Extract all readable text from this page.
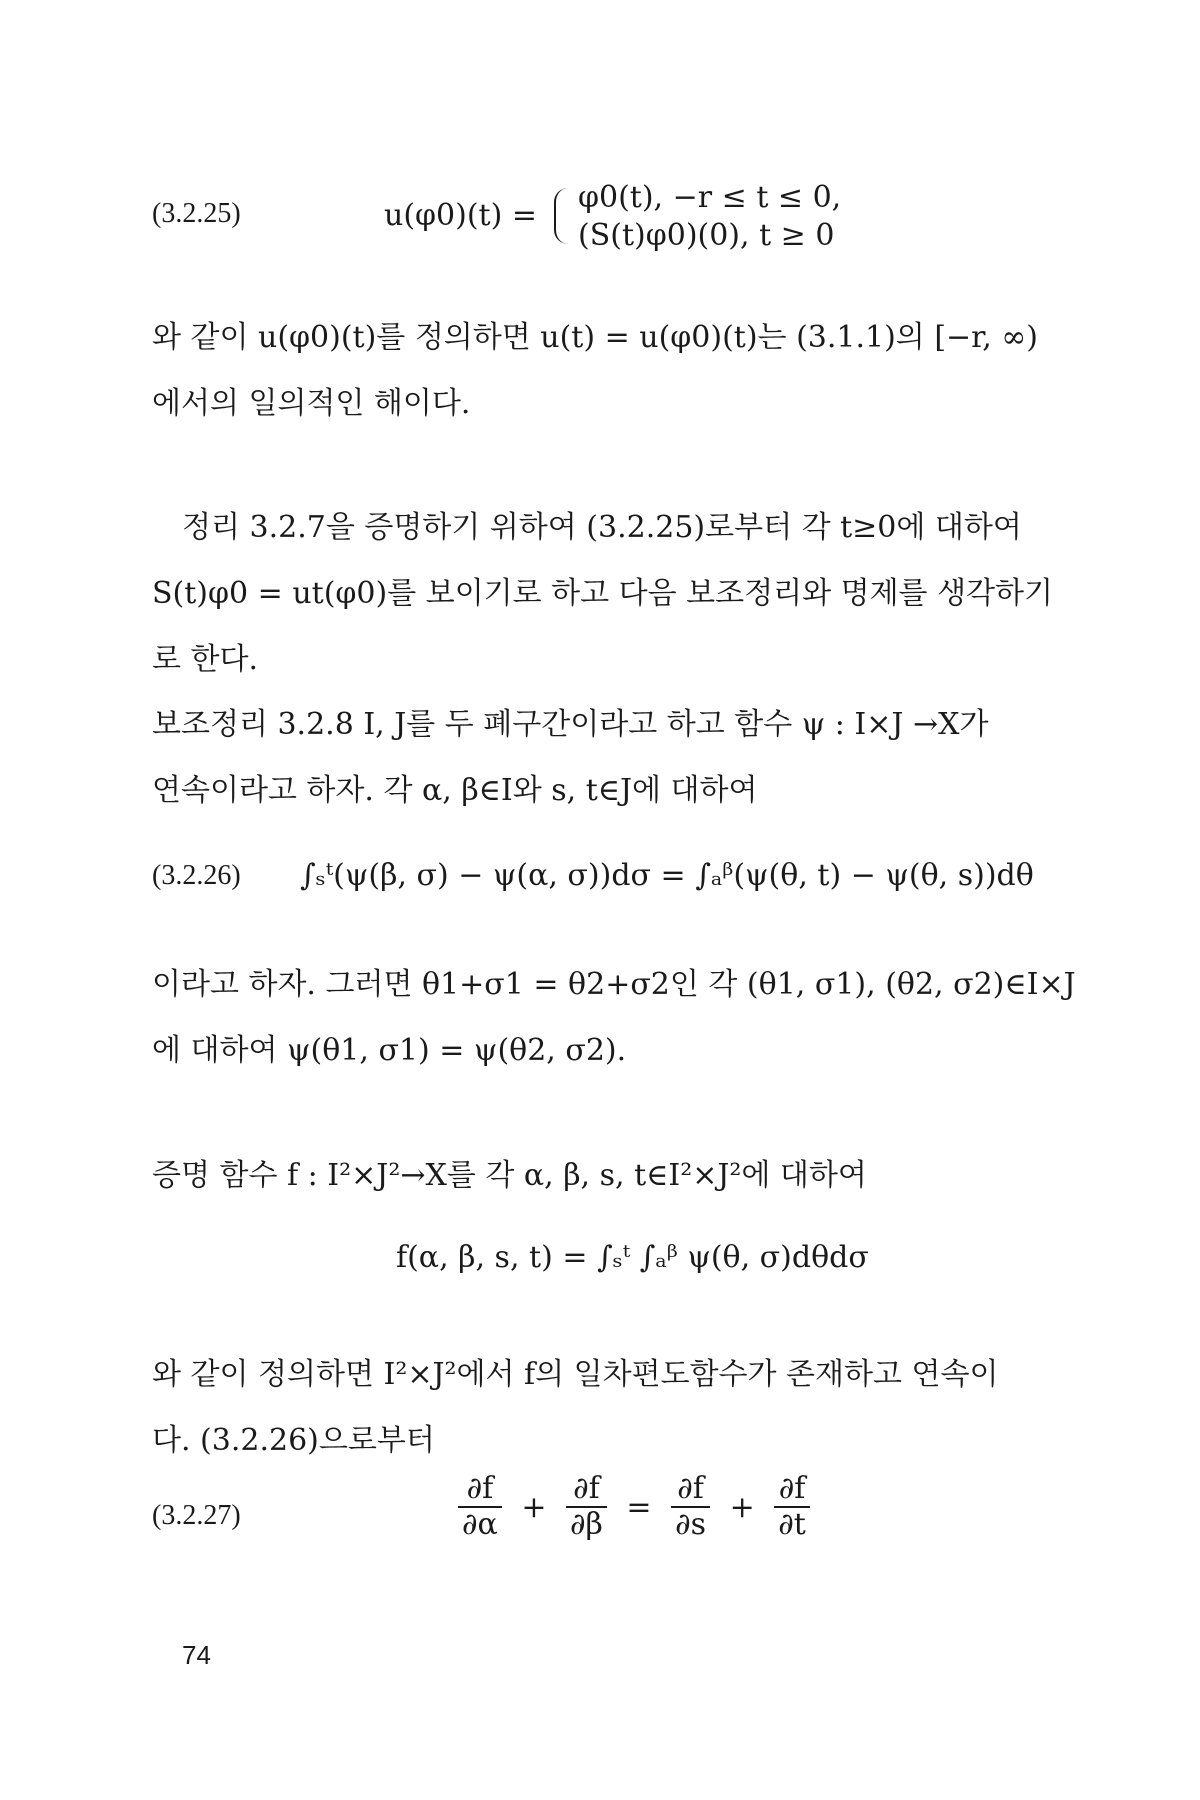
(3.2.25)	u(φ0)(t) =
φ0(t), −r ≤ t ≤ 0,
(S(t)φ0)(0), t ≥ 0
와 같이 u(φ0)(t)를 정의하면 u(t) = u(φ0)(t)는 (3.1.1)의 [−r, ∞)
에서의 일의적인 해이다.
정리 3.2.7을 증명하기 위하여 (3.2.25)로부터 각 t≥0에 대하여
S(t)φ0 = ut(φ0)를 보이기로 하고 다음 보조정리와 명제를 생각하기
로 한다.
보조정리 3.2.8 I, J를 두 폐구간이라고 하고 함수 ψ : I×J →X가
연속이라고 하자. 각 α, β∈I와 s, t∈J에 대하여
(3.2.26) ∫ₛᵗ(ψ(β, σ) − ψ(α, σ))dσ = ∫ₐᵝ(ψ(θ, t) − ψ(θ, s))dθ
이라고 하자. 그러면 θ1+σ1 = θ2+σ2인 각 (θ1, σ1), (θ2, σ2)∈I×J
에 대하여 ψ(θ1, σ1) = ψ(θ2, σ2).
증명 함수 f : I²×J²→X를 각 α, β, s, t∈I²×J²에 대하여
f(α, β, s, t) = ∫ₛᵗ ∫ₐᵝ ψ(θ, σ)dθdσ
와 같이 정의하면 I²×J²에서 f의 일차편도함수가 존재하고 연속이
다. (3.2.26)으로부터
(3.2.27)	$\frac{\partial f}{\partial\alpha} + \frac{\partial f}{\partial\beta} = \frac{\partial f}{\partial s} + \frac{\partial f}{\partial t}$
74
